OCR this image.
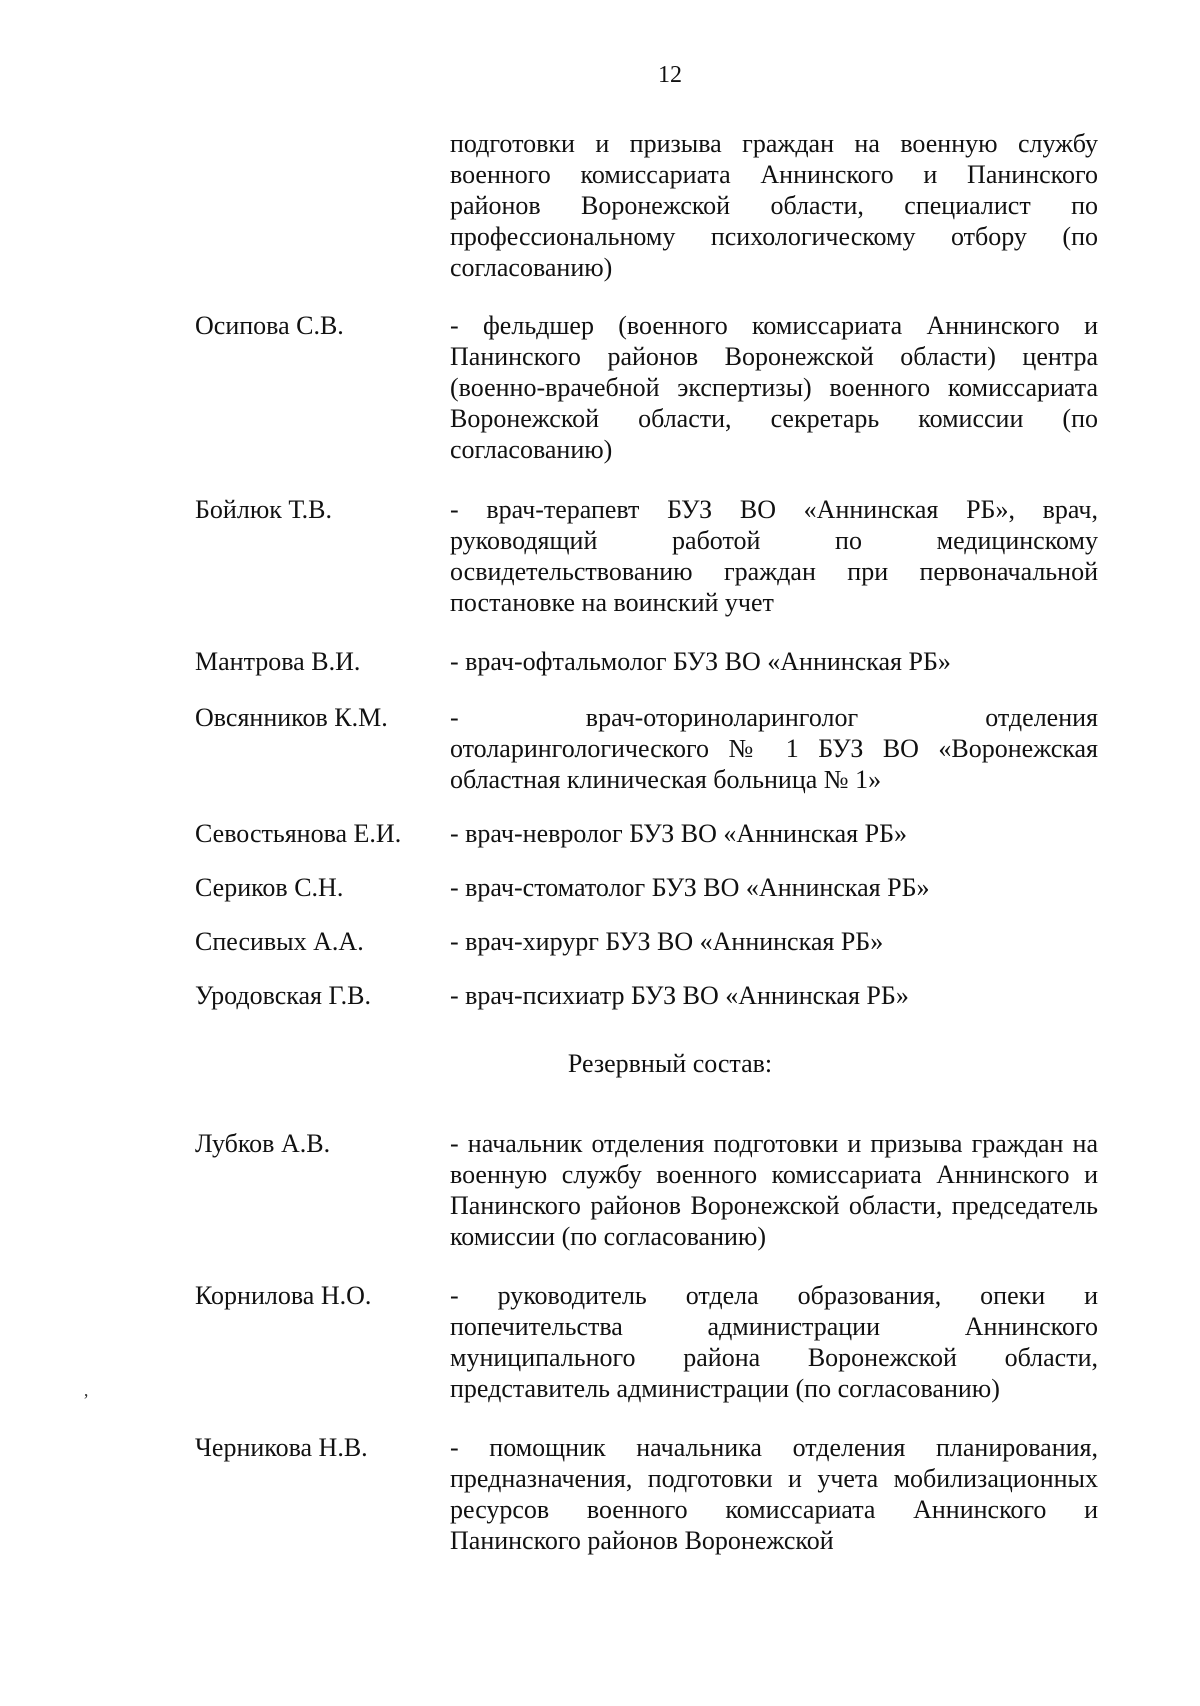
12
подготовки и призыва граждан на военную службу военного комиссариата Аннинского и Панинского районов Воронежской области, специалист по профессиональному психологическому отбору (по согласованию)
Осипова С.В.	- фельдшер (военного комиссариата Аннинского и Панинского районов Воронежской области) центра (военно-врачебной экспертизы) военного комиссариата Воронежской области, секретарь комиссии (по согласованию)
Бойлюк Т.В.	- врач-терапевт БУЗ ВО «Аннинская РБ», врач, руководящий работой по медицинскому освидетельствованию граждан при первоначальной постановке на воинский учет
Мантрова В.И.	- врач-офтальмолог БУЗ ВО «Аннинская РБ»
Овсянников К.М.	- врач-оториноларинголог отделения отоларингологического № 1 БУЗ ВО «Воронежская областная клиническая больница № 1»
Севостьянова Е.И.	- врач-невролог БУЗ ВО «Аннинская РБ»
Сериков С.Н.	- врач-стоматолог БУЗ ВО «Аннинская РБ»
Спесивых А.А.	- врач-хирург БУЗ ВО «Аннинская РБ»
Уродовская Г.В.	- врач-психиатр БУЗ ВО «Аннинская РБ»
Резервный состав:
Лубков А.В.	- начальник отделения подготовки и призыва граждан на военную службу военного комиссариата Аннинского и Панинского районов Воронежской области, председатель комиссии (по согласованию)
Корнилова Н.О.	- руководитель отдела образования, опеки и попечительства администрации Аннинского муниципального района Воронежской области, представитель администрации (по согласованию)
Черникова Н.В.	- помощник начальника отделения планирования, предназначения, подготовки и учета мобилизационных ресурсов военного комиссариата Аннинского и Панинского районов Воронежской
ʼ
